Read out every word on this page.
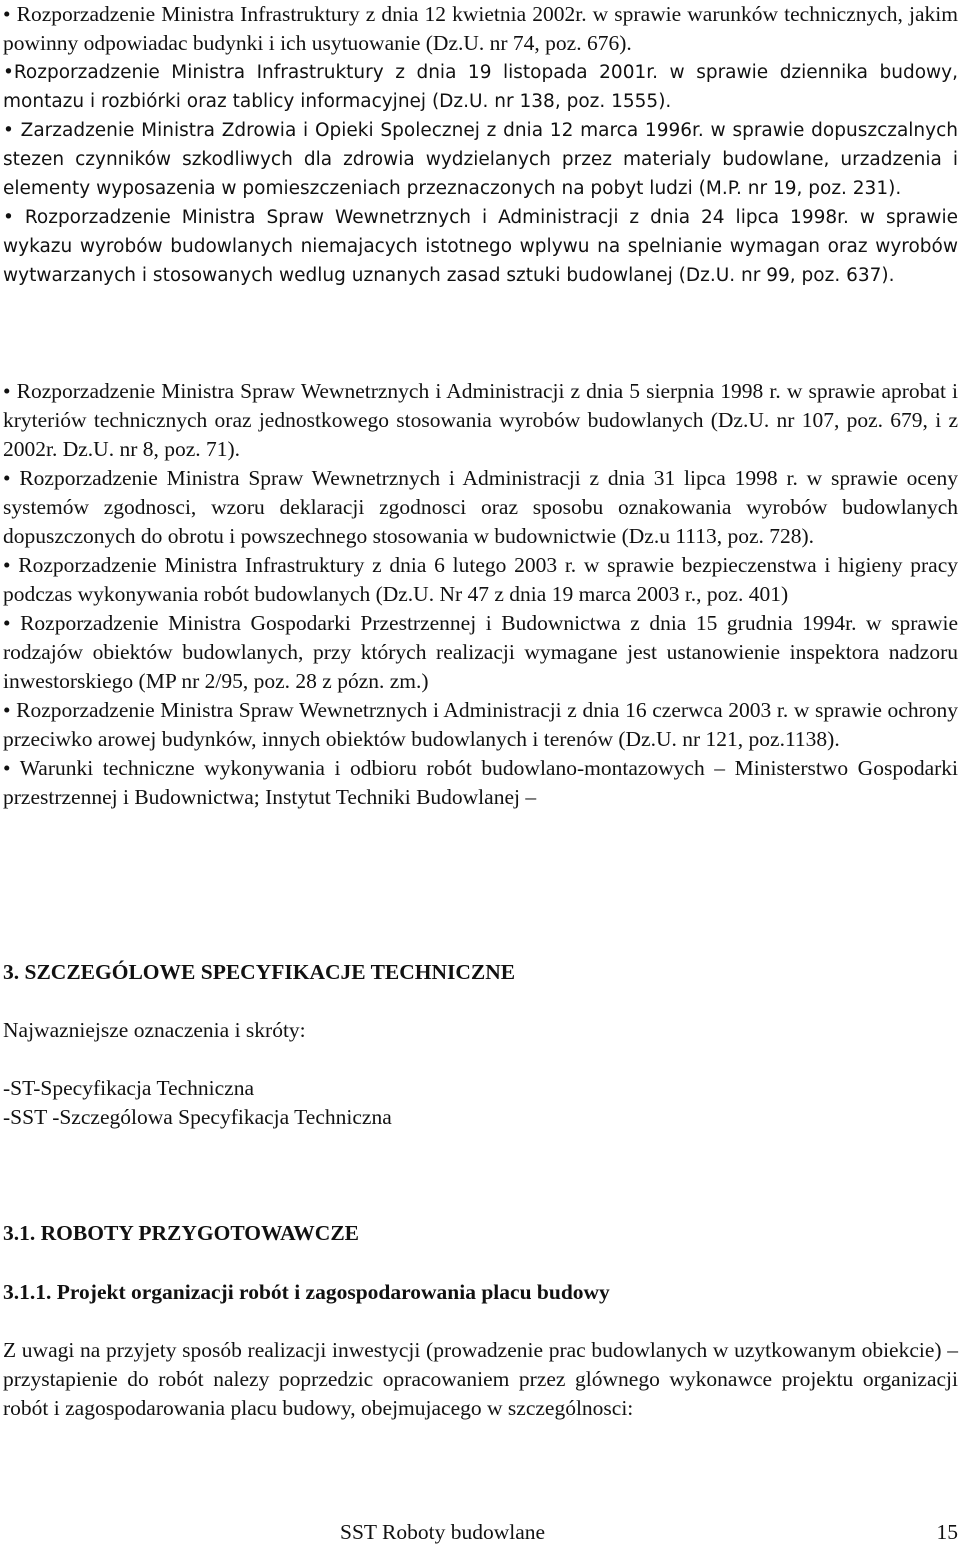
• Rozporzadzenie Ministra Infrastruktury z dnia 12 kwietnia 2002r. w sprawie warunków technicznych, jakim powinny odpowiadac budynki i ich usytuowanie (Dz.U. nr 74, poz. 676).

•Rozporzadzenie Ministra Infrastruktury z dnia 19 listopada 2001r. w sprawie dziennika budowy, montazu i rozbiórki oraz tablicy informacyjnej (Dz.U. nr 138, poz. 1555).

• Zarzadzenie Ministra Zdrowia i Opieki Spolecznej z dnia 12 marca 1996r. w sprawie dopuszczalnych stezen czynników szkodliwych dla zdrowia wydzielanych przez materialy budowlane, urzadzenia i elementy wyposazenia w pomieszczeniach przeznaczonych na pobyt ludzi (M.P. nr 19, poz. 231).

• Rozporzadzenie Ministra Spraw Wewnetrznych i Administracji z dnia 24 lipca 1998r. w sprawie wykazu wyrobów budowlanych niemajacych istotnego wplywu na spelnianie wymagan oraz wyrobów wytwarzanych i stosowanych wedlug uznanych zasad sztuki budowlanej (Dz.U. nr 99, poz. 637).

• Rozporzadzenie Ministra Spraw Wewnetrznych i Administracji z dnia 5 sierpnia 1998 r. w sprawie aprobat i kryteriów technicznych oraz jednostkowego stosowania wyrobów budowlanych (Dz.U. nr 107, poz. 679, i z 2002r. Dz.U. nr 8, poz. 71).

• Rozporzadzenie Ministra Spraw Wewnetrznych i Administracji z dnia 31 lipca 1998 r. w sprawie oceny systemów zgodnosci, wzoru deklaracji zgodnosci oraz sposobu oznakowania wyrobów budowlanych dopuszczonych do obrotu i powszechnego stosowania w budownictwie (Dz.u 1113, poz. 728).

• Rozporzadzenie Ministra Infrastruktury z dnia 6 lutego 2003 r. w sprawie bezpieczenstwa i higieny pracy podczas wykonywania robót budowlanych (Dz.U. Nr 47 z dnia 19 marca 2003 r., poz. 401)

• Rozporzadzenie Ministra Gospodarki Przestrzennej i Budownictwa z dnia 15 grudnia 1994r. w sprawie rodzajów obiektów budowlanych, przy których realizacji wymagane jest ustanowienie inspektora nadzoru inwestorskiego (MP nr 2/95, poz. 28 z pózn. zm.)

• Rozporzadzenie Ministra Spraw Wewnetrznych i Administracji z dnia 16 czerwca 2003 r. w sprawie ochrony przeciwko arowej budynków, innych obiektów budowlanych i terenów (Dz.U. nr 121, poz.1138).

• Warunki techniczne wykonywania i odbioru robót budowlano-montazowych – Ministerstwo Gospodarki przestrzennej i Budownictwa; Instytut Techniki Budowlanej –

3. SZCZEGÓLOWE SPECYFIKACJE TECHNICZNE

Najwazniejsze oznaczenia i skróty:

-ST-Specyfikacja Techniczna

-SST -Szczególowa Specyfikacja Techniczna

3.1. ROBOTY PRZYGOTOWAWCZE
3.1.1. Projekt organizacji robót i zagospodarowania placu budowy

Z uwagi na przyjety sposób realizacji inwestycji (prowadzenie prac budowlanych w uzytkowanym obiekcie) – przystapienie do robót nalezy poprzedzic opracowaniem przez glównego wykonawce projektu organizacji robót i zagospodarowania placu budowy, obejmujacego w szczególnosci:

SST Roboty budowlane	15
